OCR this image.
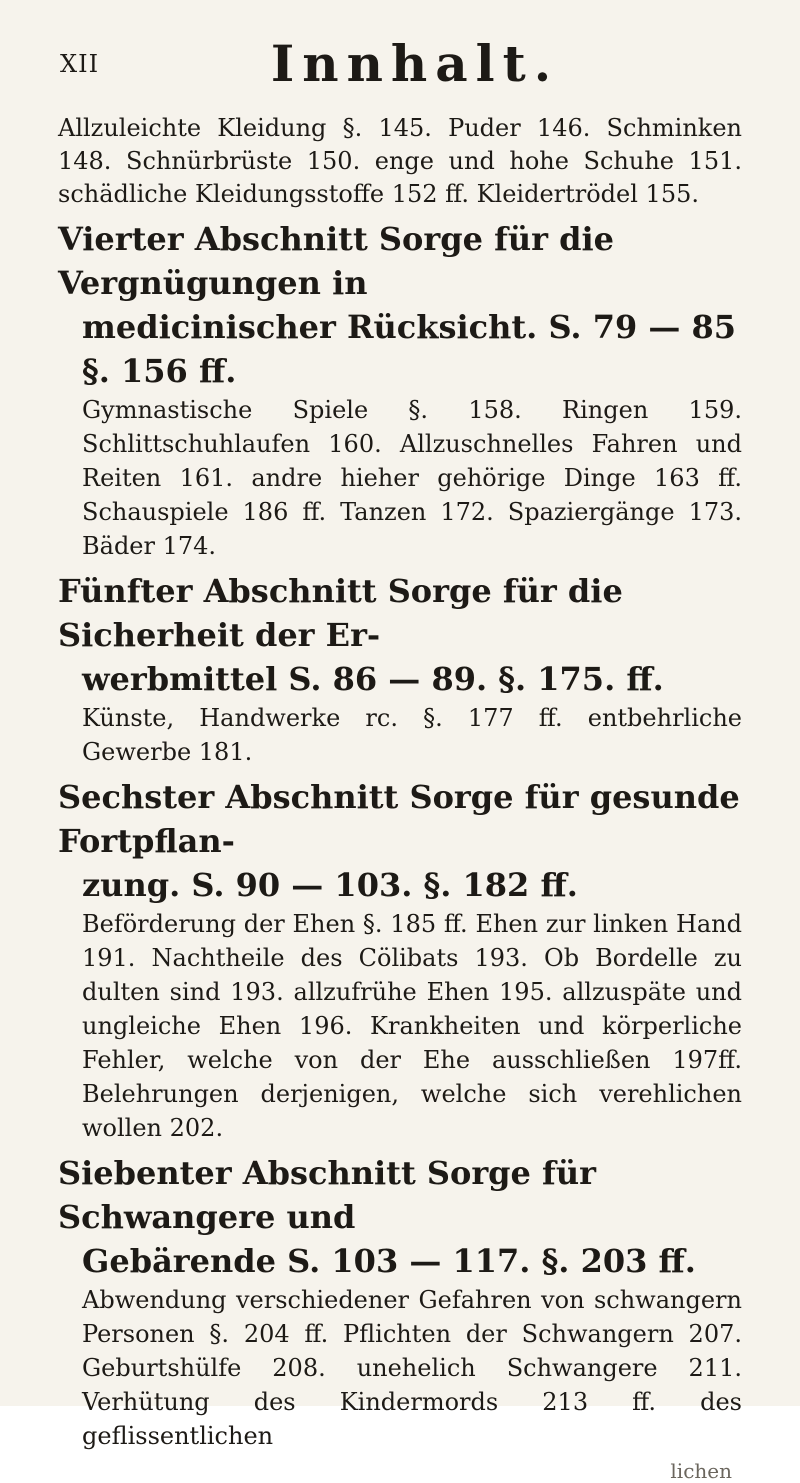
XII	Innhalt.

Allzuleichte Kleidung §. 145. Puder 146. Schminken 148. Schnürbrüste 150. enge und hohe Schuhe 151. schädliche Kleidungsstoffe 152 ff. Kleidertrödel 155.

Vierter Abschnitt Sorge für die Vergnügungen in
medicinischer Rücksicht. S. 79 — 85 §. 156 ff.

Gymnastische Spiele §. 158. Ringen 159. Schlittschuhlaufen 160. Allzuschnelles Fahren und Reiten 161. andre hieher gehörige Dinge 163 ff. Schauspiele 186 ff. Tanzen 172. Spaziergänge 173. Bäder 174.

Fünfter Abschnitt Sorge für die Sicherheit der Er-
werbmittel S. 86 — 89. §. 175. ff.

Künste, Handwerke rc. §. 177 ff. entbehrliche Gewerbe 181.

Sechster Abschnitt Sorge für gesunde Fortpflan-
zung. S. 90 — 103. §. 182 ff.

Beförderung der Ehen §. 185 ff. Ehen zur linken Hand 191. Nachtheile des Cölibats 193. Ob Bordelle zu dulten sind 193. allzufrühe Ehen 195. allzuspäte und ungleiche Ehen 196. Krankheiten und körperliche Fehler, welche von der Ehe ausschließen 197ff. Belehrungen derjenigen, welche sich verehlichen wollen 202.

Siebenter Abschnitt Sorge für Schwangere und
Gebärende S. 103 — 117. §. 203 ff.

Abwendung verschiedener Gefahren von schwangern Personen §. 204 ff. Pflichten der Schwangern 207. Geburtshülfe 208. unehelich Schwangere 211. Verhütung des Kindermords 213 ff. des geflissentlichen

lichen
